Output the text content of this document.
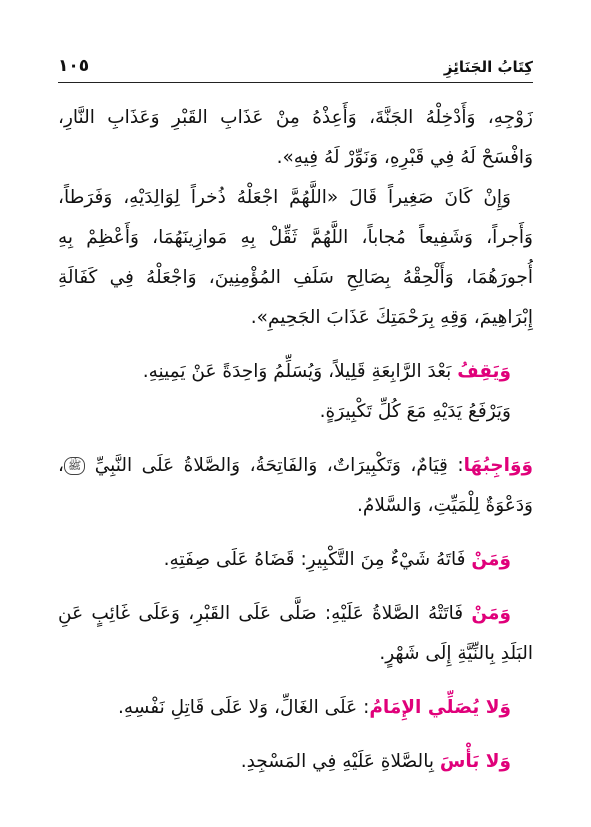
كِتَابُ الجَنَائِزِ
١٠٥

زَوْجِهِ، وَأَدْخِلْهُ الجَنَّةَ، وَأَعِذْهُ مِنْ عَذَابِ القَبْرِ وَعَذَابِ النَّارِ، وَافْسَحْ لَهُ فِي قَبْرِهِ، وَنَوِّرْ لَهُ فِيهِ».

وَإِنْ كَانَ صَغِيراً قَالَ «اللَّهُمَّ اجْعَلْهُ ذُخراً لِوَالِدَيْهِ، وَفَرَطاً، وَأَجراً، وَشَفِيعاً مُجاباً، اللَّهُمَّ ثَقِّلْ بِهِ مَوازِينَهُمَا، وَأَعْظِمْ بِهِ أُجورَهُمَا، وَأَلْحِقْهُ بِصَالِحِ سَلَفِ المُؤْمِنِينَ، وَاجْعَلْهُ فِي كَفَالَةِ إِبْرَاهِيمَ، وَقِهِ بِرَحْمَتِكَ عَذَابَ الجَحِيمِ».

وَيَقِفُ بَعْدَ الرَّابِعَةِ قَلِيلاً، وَيُسَلِّمُ وَاحِدَةً عَنْ يَمِينِهِ.

وَيَرْفَعُ يَدَيْهِ مَعَ كُلِّ تَكْبِيرَةٍ.

وَوَاجِبُهَا: قِيَامٌ، وَتَكْبِيرَاتٌ، وَالفَاتِحَةُ، وَالصَّلاةُ عَلَى النَّبِيِّ ﷺ، وَدَعْوَةٌ لِلْمَيِّتِ، وَالسَّلامُ.

وَمَنْ فَاتَهُ شَيْءٌ مِنَ التَّكْبِيرِ: قَضَاهُ عَلَى صِفَتِهِ.

وَمَنْ فَاتَتْهُ الصَّلاةُ عَلَيْهِ: صَلَّى عَلَى القَبْرِ، وَعَلَى غَائِبٍ عَنِ البَلَدِ بِالنِّيَّةِ إِلَى شَهْرٍ.

وَلا يُصَلِّي الإِمَامُ: عَلَى الغَالِّ، وَلا عَلَى قَاتِلِ نَفْسِهِ.

وَلا بَأْسَ بِالصَّلاةِ عَلَيْهِ فِي المَسْجِدِ.
